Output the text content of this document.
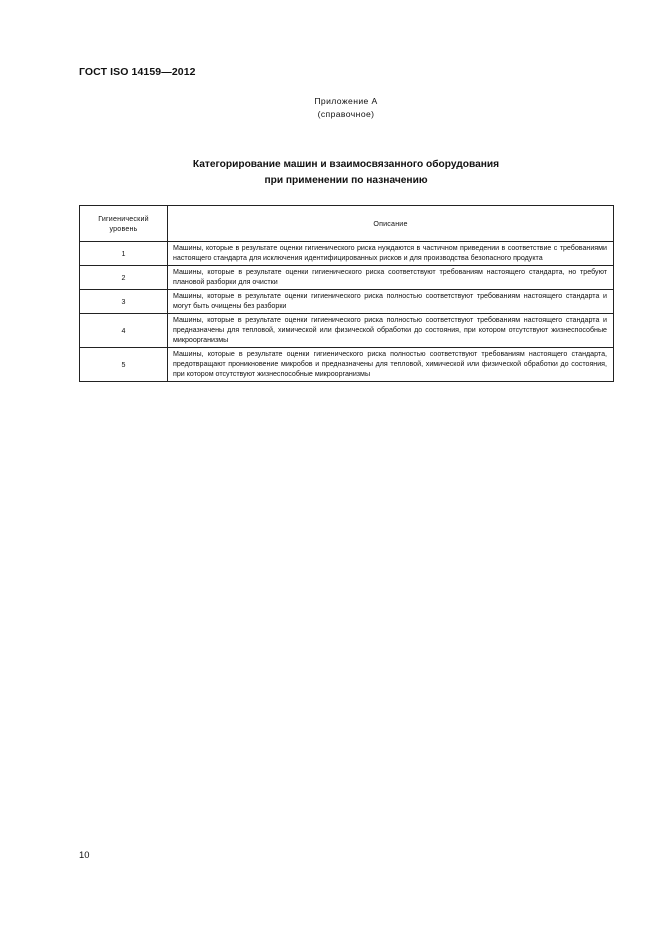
ГОСТ ISO 14159—2012
Приложение А
(справочное)
Категорирование машин и взаимосвязанного оборудования
при применении по назначению
Гигиенический
уровень	Описание
1	Машины, которые в результате оценки гигиенического риска нуждаются в частичном приведении в соответствие с требованиями настоящего стандарта для исключения идентифицированных рисков и для производства безопасного продукта
2	Машины, которые в результате оценки гигиенического риска соответствуют требованиям настоящего стандарта, но требуют плановой разборки для очистки
3	Машины, которые в результате оценки гигиенического риска полностью соответствуют требованиям настоящего стандарта и могут быть очищены без разборки
4	Машины, которые в результате оценки гигиенического риска полностью соответствуют требованиям настоящего стандарта и предназначены для тепловой, химической или физической обработки до состояния, при котором отсутствуют жизнеспособные микроорганизмы
5	Машины, которые в результате оценки гигиенического риска полностью соответствуют требованиям настоящего стандарта, предотвращают проникновение микробов и предназначены для тепловой, химической или физической обработки до состояния, при котором отсутствуют жизнеспособные микроорганизмы
10
